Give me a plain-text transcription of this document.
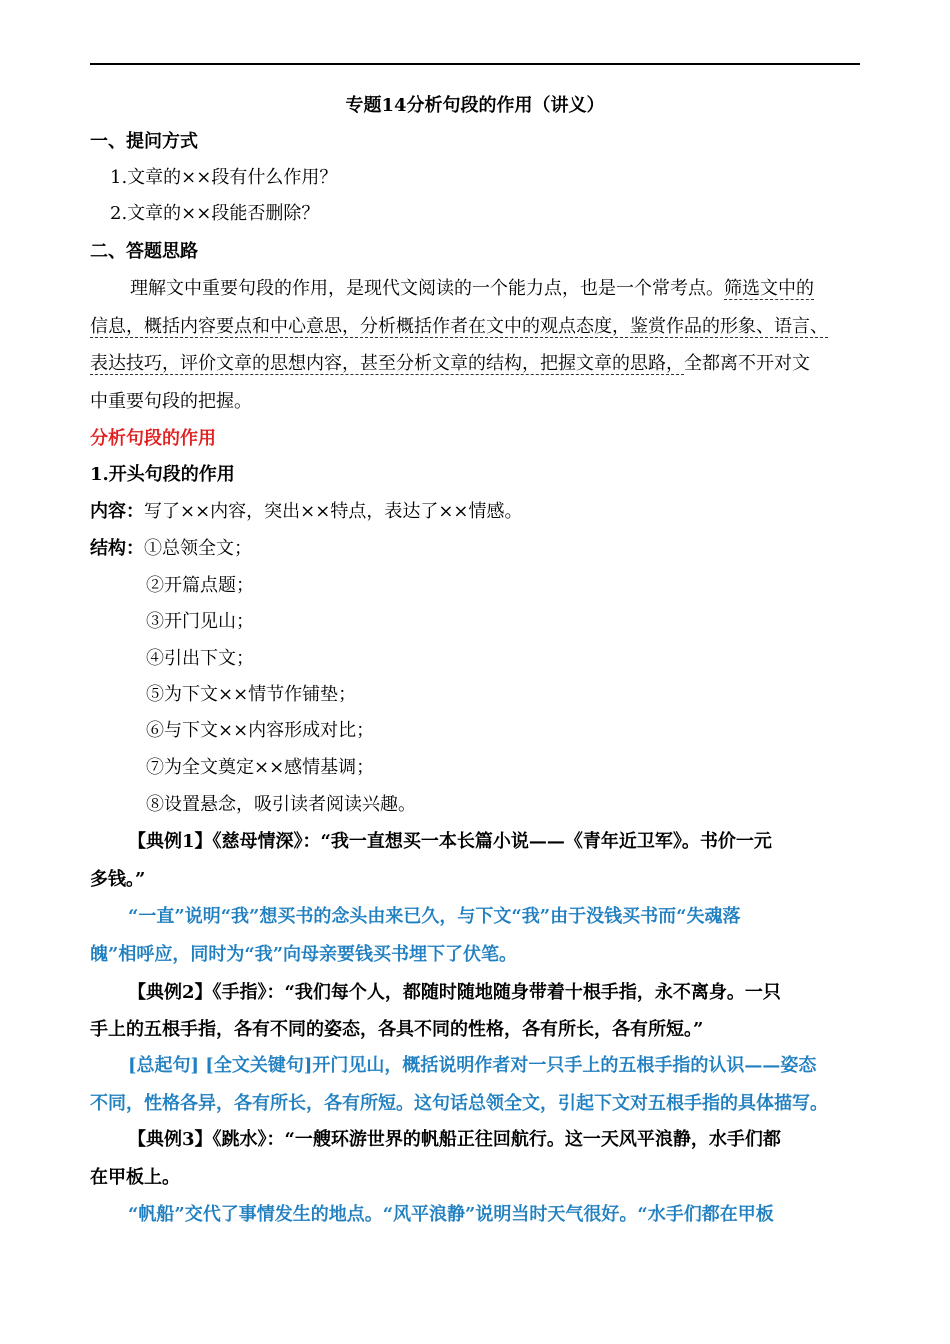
专题14分析句段的作用（讲义）
一、提问方式
1.文章的××段有什么作用？
2.文章的××段能否删除？
二、答题思路
理解文中重要句段的作用，是现代文阅读的一个能力点，也是一个常考点。筛选文中的
信息，概括内容要点和中心意思，分析概括作者在文中的观点态度，鉴赏作品的形象、语言、
表达技巧，评价文章的思想内容，甚至分析文章的结构，把握文章的思路，全都离不开对文
中重要句段的把握。
分析句段的作用
1.开头句段的作用
内容：写了××内容，突出××特点，表达了××情感。
结构：①总领全文；
②开篇点题；
③开门见山；
④引出下文；
⑤为下文××情节作铺垫；
⑥与下文××内容形成对比；
⑦为全文奠定××感情基调；
⑧设置悬念，吸引读者阅读兴趣。
【典例1】《慈母情深》：“我一直想买一本长篇小说——《青年近卫军》。书价一元
多钱。”
“一直”说明“我”想买书的念头由来已久，与下文“我”由于没钱买书而“失魂落
魄”相呼应，同时为“我”向母亲要钱买书埋下了伏笔。
【典例2】《手指》：“我们每个人，都随时随地随身带着十根手指，永不离身。一只
手上的五根手指，各有不同的姿态，各具不同的性格，各有所长，各有所短。”
[总起句] [全文关键句]开门见山，概括说明作者对一只手上的五根手指的认识——姿态
不同，性格各异，各有所长，各有所短。这句话总领全文，引起下文对五根手指的具体描写。
【典例3】《跳水》：“一艘环游世界的帆船正往回航行。这一天风平浪静，水手们都
在甲板上。
“帆船”交代了事情发生的地点。“风平浪静”说明当时天气很好。“水手们都在甲板
